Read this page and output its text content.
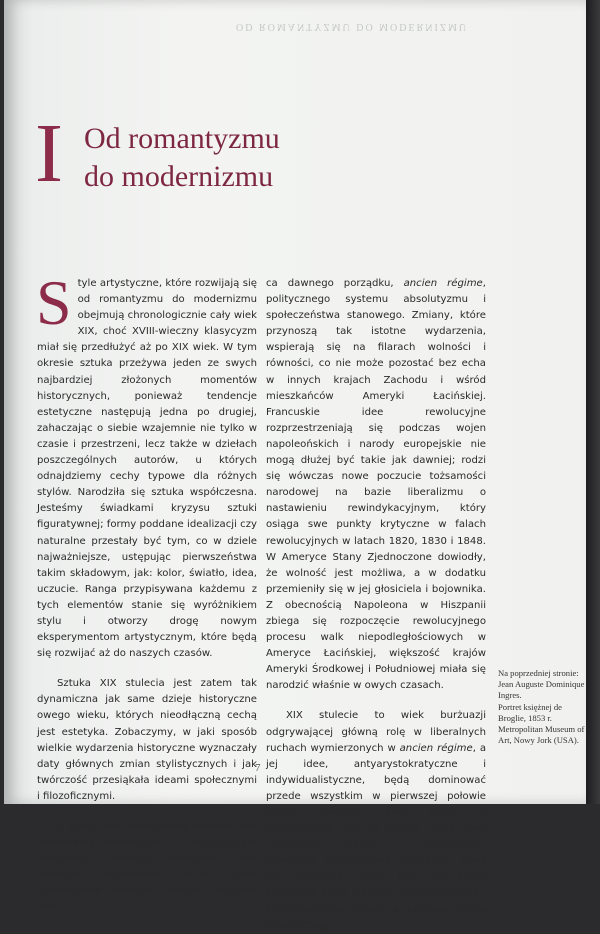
OD ROMANTYZMU DO MODERNIZMU
I Od romantyzmu
do modernizmu

Style artystyczne, które rozwijają się od romantyzmu do modernizmu obejmują chronologicznie cały wiek XIX, choć XVIII-wieczny klasycyzm miał się przedłużyć aż po XIX wiek. W tym okresie sztuka przeżywa jeden ze swych najbardziej złożonych momentów historycznych, ponieważ tendencje estetyczne następują jedna po drugiej, zahaczając o siebie wzajemnie nie tylko w czasie i przestrzeni, lecz także w dziełach poszczególnych autorów, u których odnajdziemy cechy typowe dla różnych stylów. Narodziła się sztuka współczesna. Jesteśmy świadkami kryzysu sztuki figuratywnej; formy poddane idealizacji czy naturalne przestały być tym, co w dziele najważniejsze, ustępując pierwszeństwa takim składowym, jak: kolor, światło, idea, uczucie. Ranga przypisywana każdemu z tych elementów stanie się wyróżnikiem stylu i otworzy drogę nowym eksperymentom artystycznym, które będą się rozwijać aż do naszych czasów.

Sztuka XIX stulecia jest zatem tak dynamiczna jak same dzieje historyczne owego wieku, których nieodłączną cechą jest estetyka. Zobaczymy, w jaki sposób wielkie wydarzenia historyczne wyznaczały daty głównych zmian stylistycznych i jak twórczość przesiąkała ideami społecznymi i filozoficznymi.

U końca XVIII wieku miały miejsce dwa wydarzenia historyczne o decydującym znaczeniu: rewolucja francuska oraz zdobycie niezależności przez Stany Zjednoczone Ameryki. Nastąpił początek koń-

ca dawnego porządku, ancien régime, politycznego systemu absolutyzmu i społeczeństwa stanowego. Zmiany, które przynoszą tak istotne wydarzenia, wspierają się na filarach wolności i równości, co nie może pozostać bez echa w innych krajach Zachodu i wśród mieszkańców Ameryki Łacińskiej. Francuskie idee rewolucyjne rozprzestrzeniają się podczas wojen napoleońskich i narody europejskie nie mogą dłużej być takie jak dawniej; rodzi się wówczas nowe poczucie tożsamości narodowej na bazie liberalizmu o nastawieniu rewindykacyjnym, który osiąga swe punkty krytyczne w falach rewolucyjnych w latach 1820, 1830 i 1848. W Ameryce Stany Zjednoczone dowiodły, że wolność jest możliwa, a w dodatku przemieniły się w jej głosiciela i bojownika. Z obecnością Napoleona w Hiszpanii zbiega się rozpoczęcie rewolucyjnego procesu walk niepodległościowych w Ameryce Łacińskiej, większość krajów Ameryki Środkowej i Południowej miała się narodzić właśnie w owych czasach.

XIX stulecie to wiek burżuazji odgrywającej główną rolę w liberalnych ruchach wymierzonych w ancien régime, a jej idee, antyarystokratyczne i indywidualistyczne, będą dominować przede wszystkim w pierwszej połowie wieku, znajdując swój wyraz w romantyzmie. Jest to jednak także wiek „czwartego stanu” – proletariatu. Rewolucja przemysłowa przyniesie nowy typ robotnika, który krok po kroku przyswaja sobie wartości demokratyczne i solidarnościowe leżące u podstaw ruchu robotniczego.

Na poprzedniej stronie:
Jean Auguste Dominique Ingres.
Portret księżnej de Broglie, 1853 r.
Metropolitan Museum of Art, Nowy Jork (USA).
7
